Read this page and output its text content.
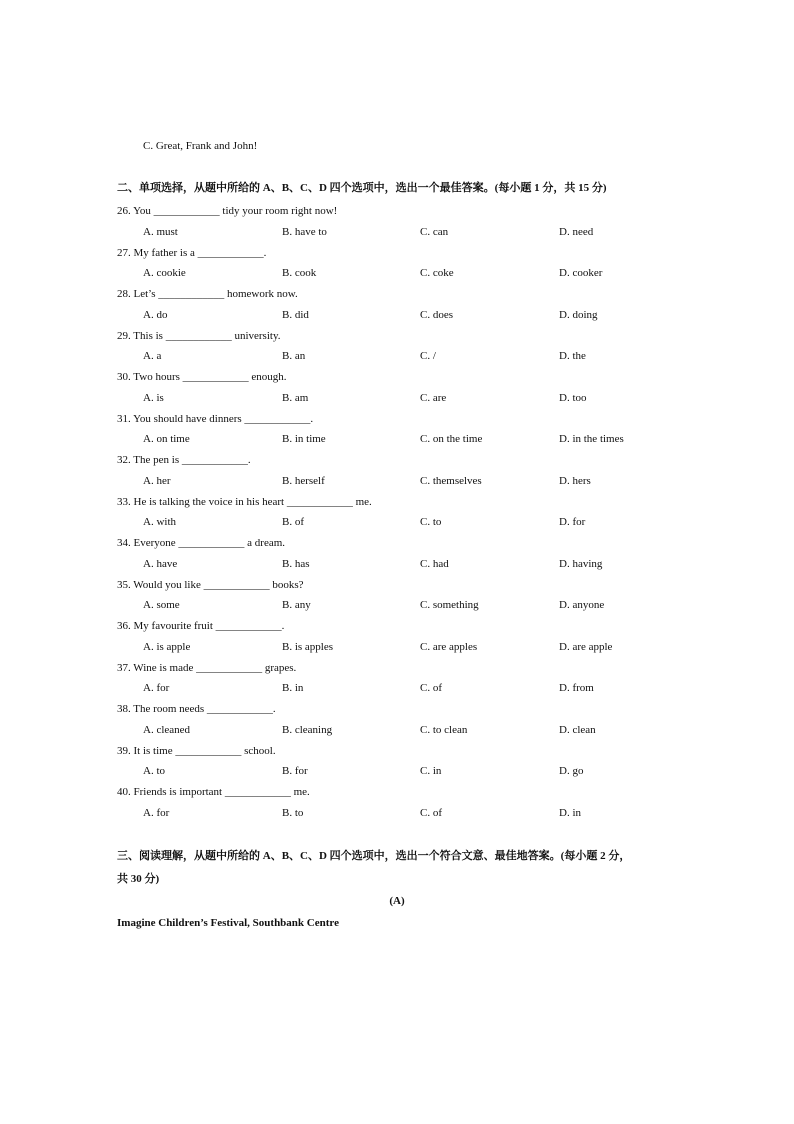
C. Great, Frank and John!
二、单项选择，从题中所给的 A、B、C、D 四个选项中，选出一个最佳答案。(每小题 1 分，共 15 分)
26. You ____________ tidy your room right now!
A. must	B. have to	C. can	D. need
27. My father is a ____________.
A. cookie	B. cook	C. coke	D. cooker
28. Let’s ____________ homework now.
A. do	B. did	C. does	D. doing
29. This is ____________ university.
A. a	B. an	C. /	D. the
30. Two hours ____________ enough.
A. is	B. am	C. are	D. too
31. You should have dinners ____________.
A. on time	B. in time	C. on the time	D. in the times
32. The pen is ____________.
A. her	B. herself	C. themselves	D. hers
33. He is talking the voice in his heart ____________ me.
A. with	B. of	C. to	D. for
34. Everyone ____________ a dream.
A. have	B. has	C. had	D. having
35. Would you like ____________ books?
A. some	B. any	C. something	D. anyone
36. My favourite fruit ____________.
A. is apple	B. is apples	C. are apples	D. are apple
37. Wine is made ____________ grapes.
A. for	B. in	C. of	D. from
38. The room needs ____________.
A. cleaned	B. cleaning	C. to clean	D. clean
39. It is time ____________ school.
A. to	B. for	C. in	D. go
40. Friends is important ____________ me.
A. for	B. to	C. of	D. in
三、阅读理解，从题中所给的 A、B、C、D 四个选项中，选出一个符合文意、最佳地答案。(每小题 2 分，
共 30 分)
(A)
Imagine Children’s Festival, Southbank Centre
